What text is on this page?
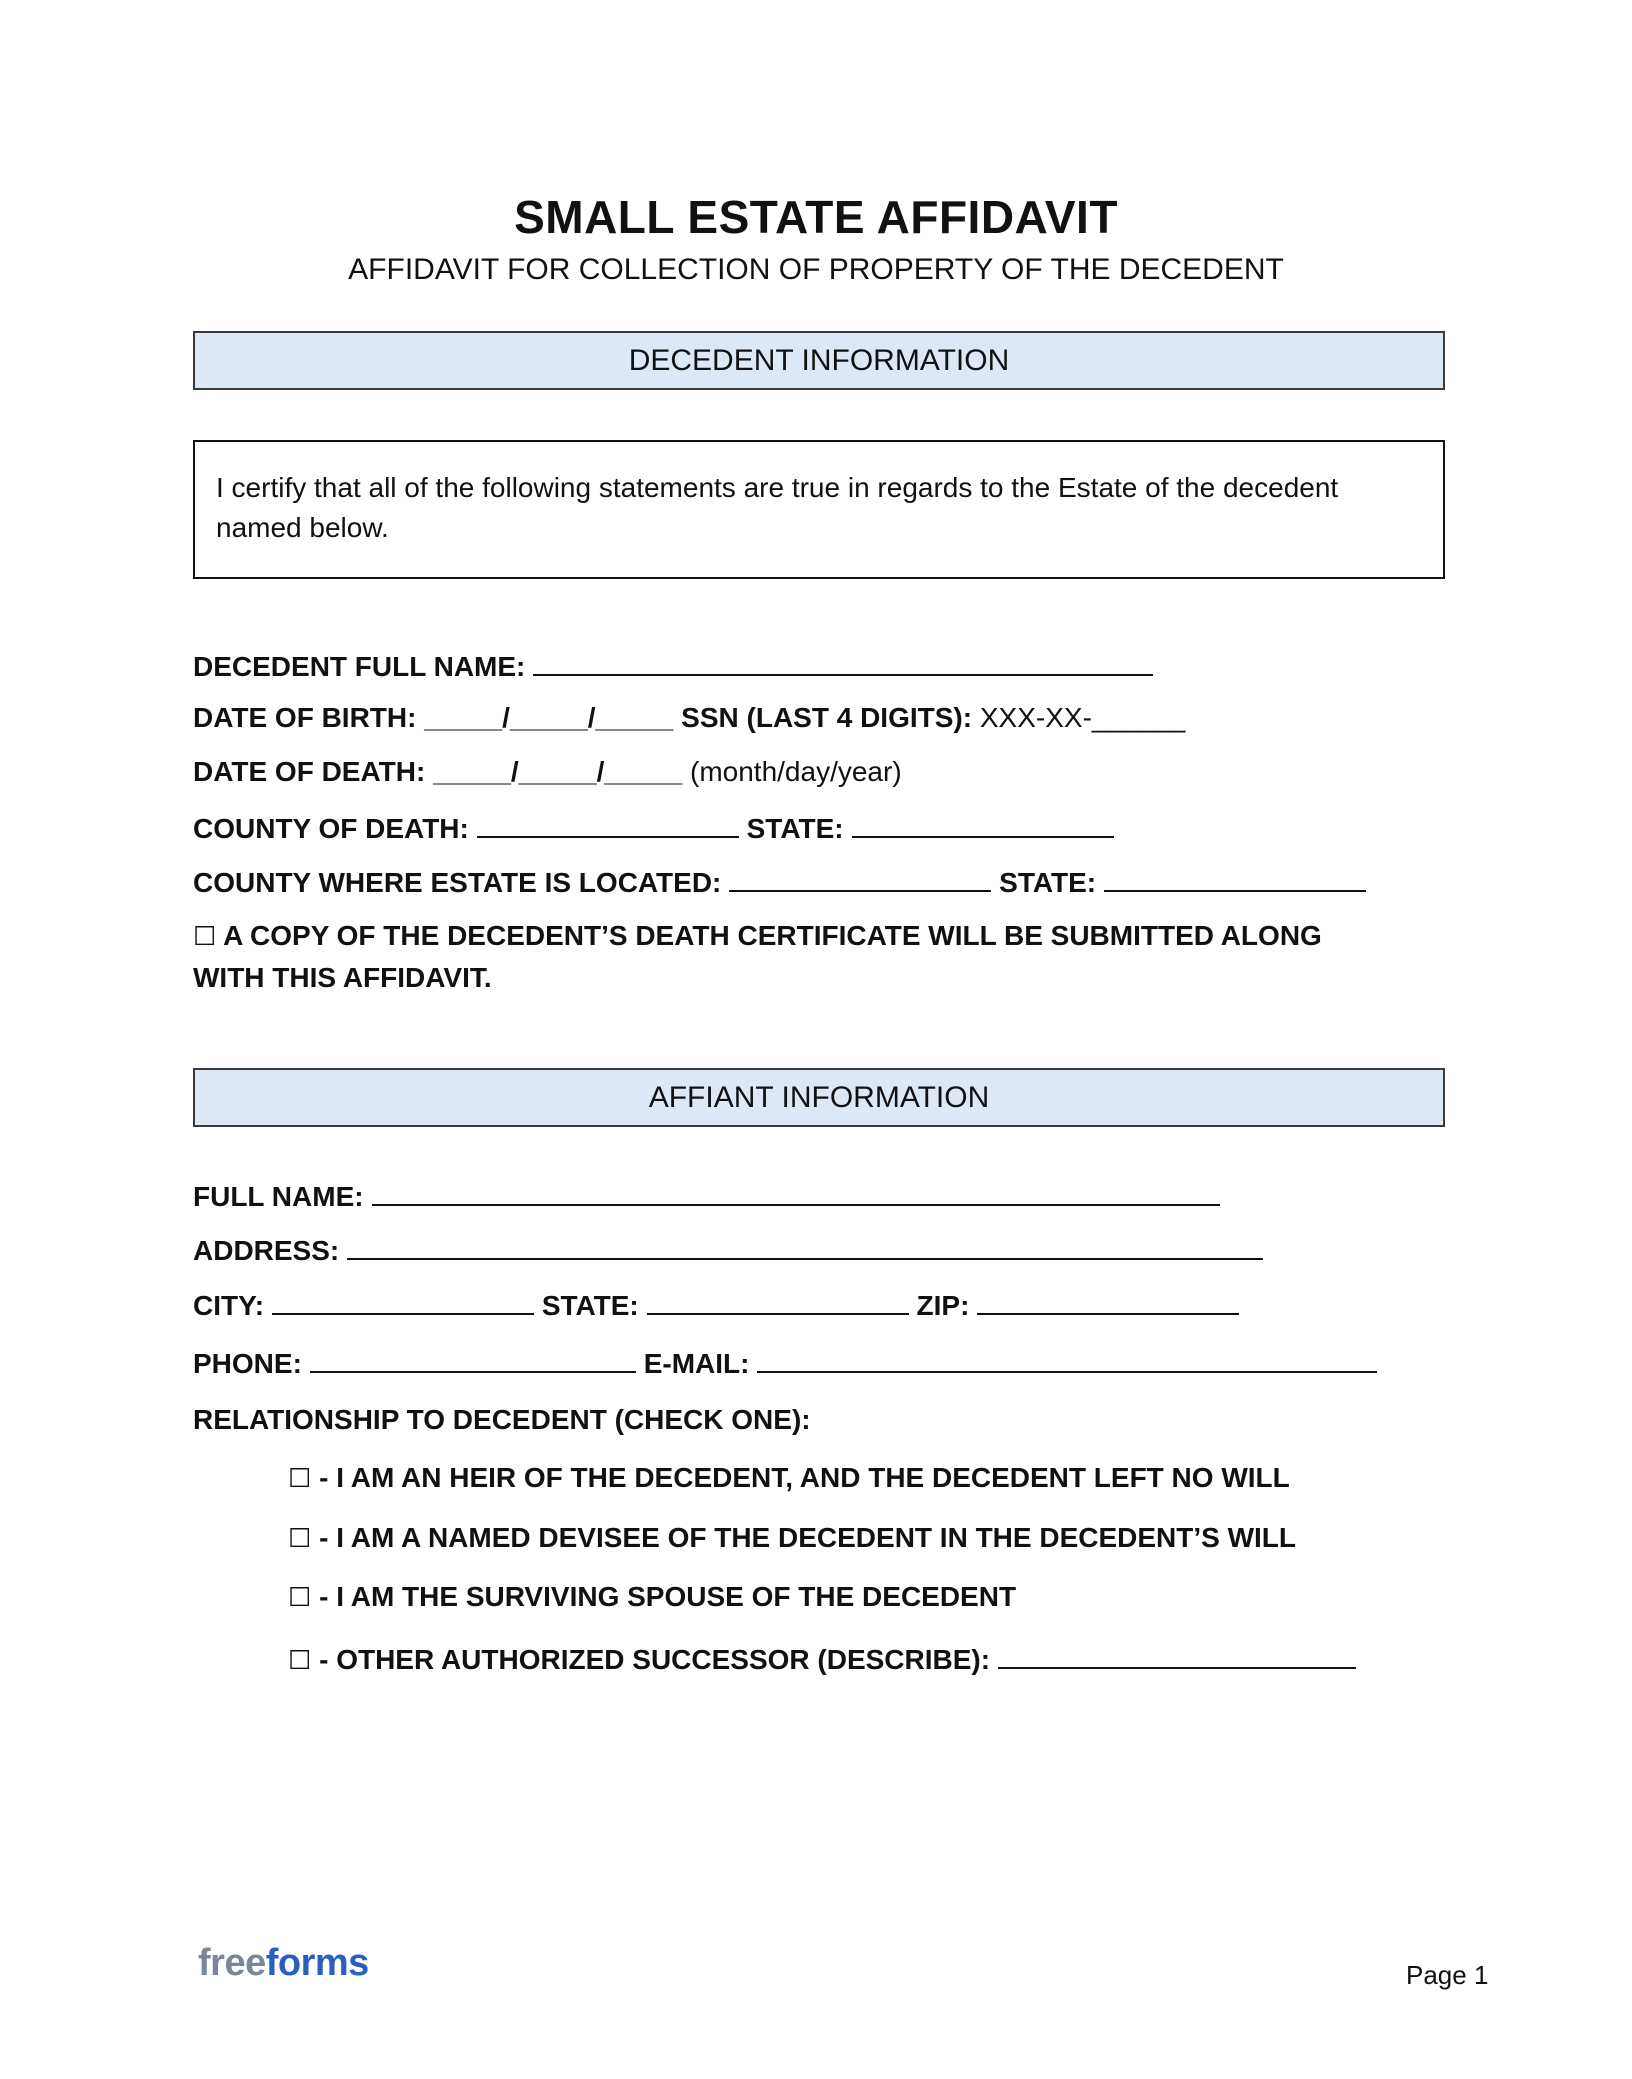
SMALL ESTATE AFFIDAVIT
AFFIDAVIT FOR COLLECTION OF PROPERTY OF THE DECEDENT
DECEDENT INFORMATION
I certify that all of the following statements are true in regards to the Estate of the decedent named below.
DECEDENT FULL NAME:
DATE OF BIRTH: _____/_____/_____ SSN (LAST 4 DIGITS): XXX-XX-______
DATE OF DEATH: _____/_____/_____ (month/day/year)
COUNTY OF DEATH:	STATE:
COUNTY WHERE ESTATE IS LOCATED:	STATE:
☐ A COPY OF THE DECEDENT’S DEATH CERTIFICATE WILL BE SUBMITTED ALONG
WITH THIS AFFIDAVIT.
AFFIANT INFORMATION
FULL NAME:
ADDRESS:
CITY:	STATE:	ZIP:
PHONE:	E-MAIL:
RELATIONSHIP TO DECEDENT (CHECK ONE):
☐ - I AM AN HEIR OF THE DECEDENT, AND THE DECEDENT LEFT NO WILL
☐ - I AM A NAMED DEVISEE OF THE DECEDENT IN THE DECEDENT’S WILL
☐ - I AM THE SURVIVING SPOUSE OF THE DECEDENT
☐ - OTHER AUTHORIZED SUCCESSOR (DESCRIBE):
freeforms	Page 1
